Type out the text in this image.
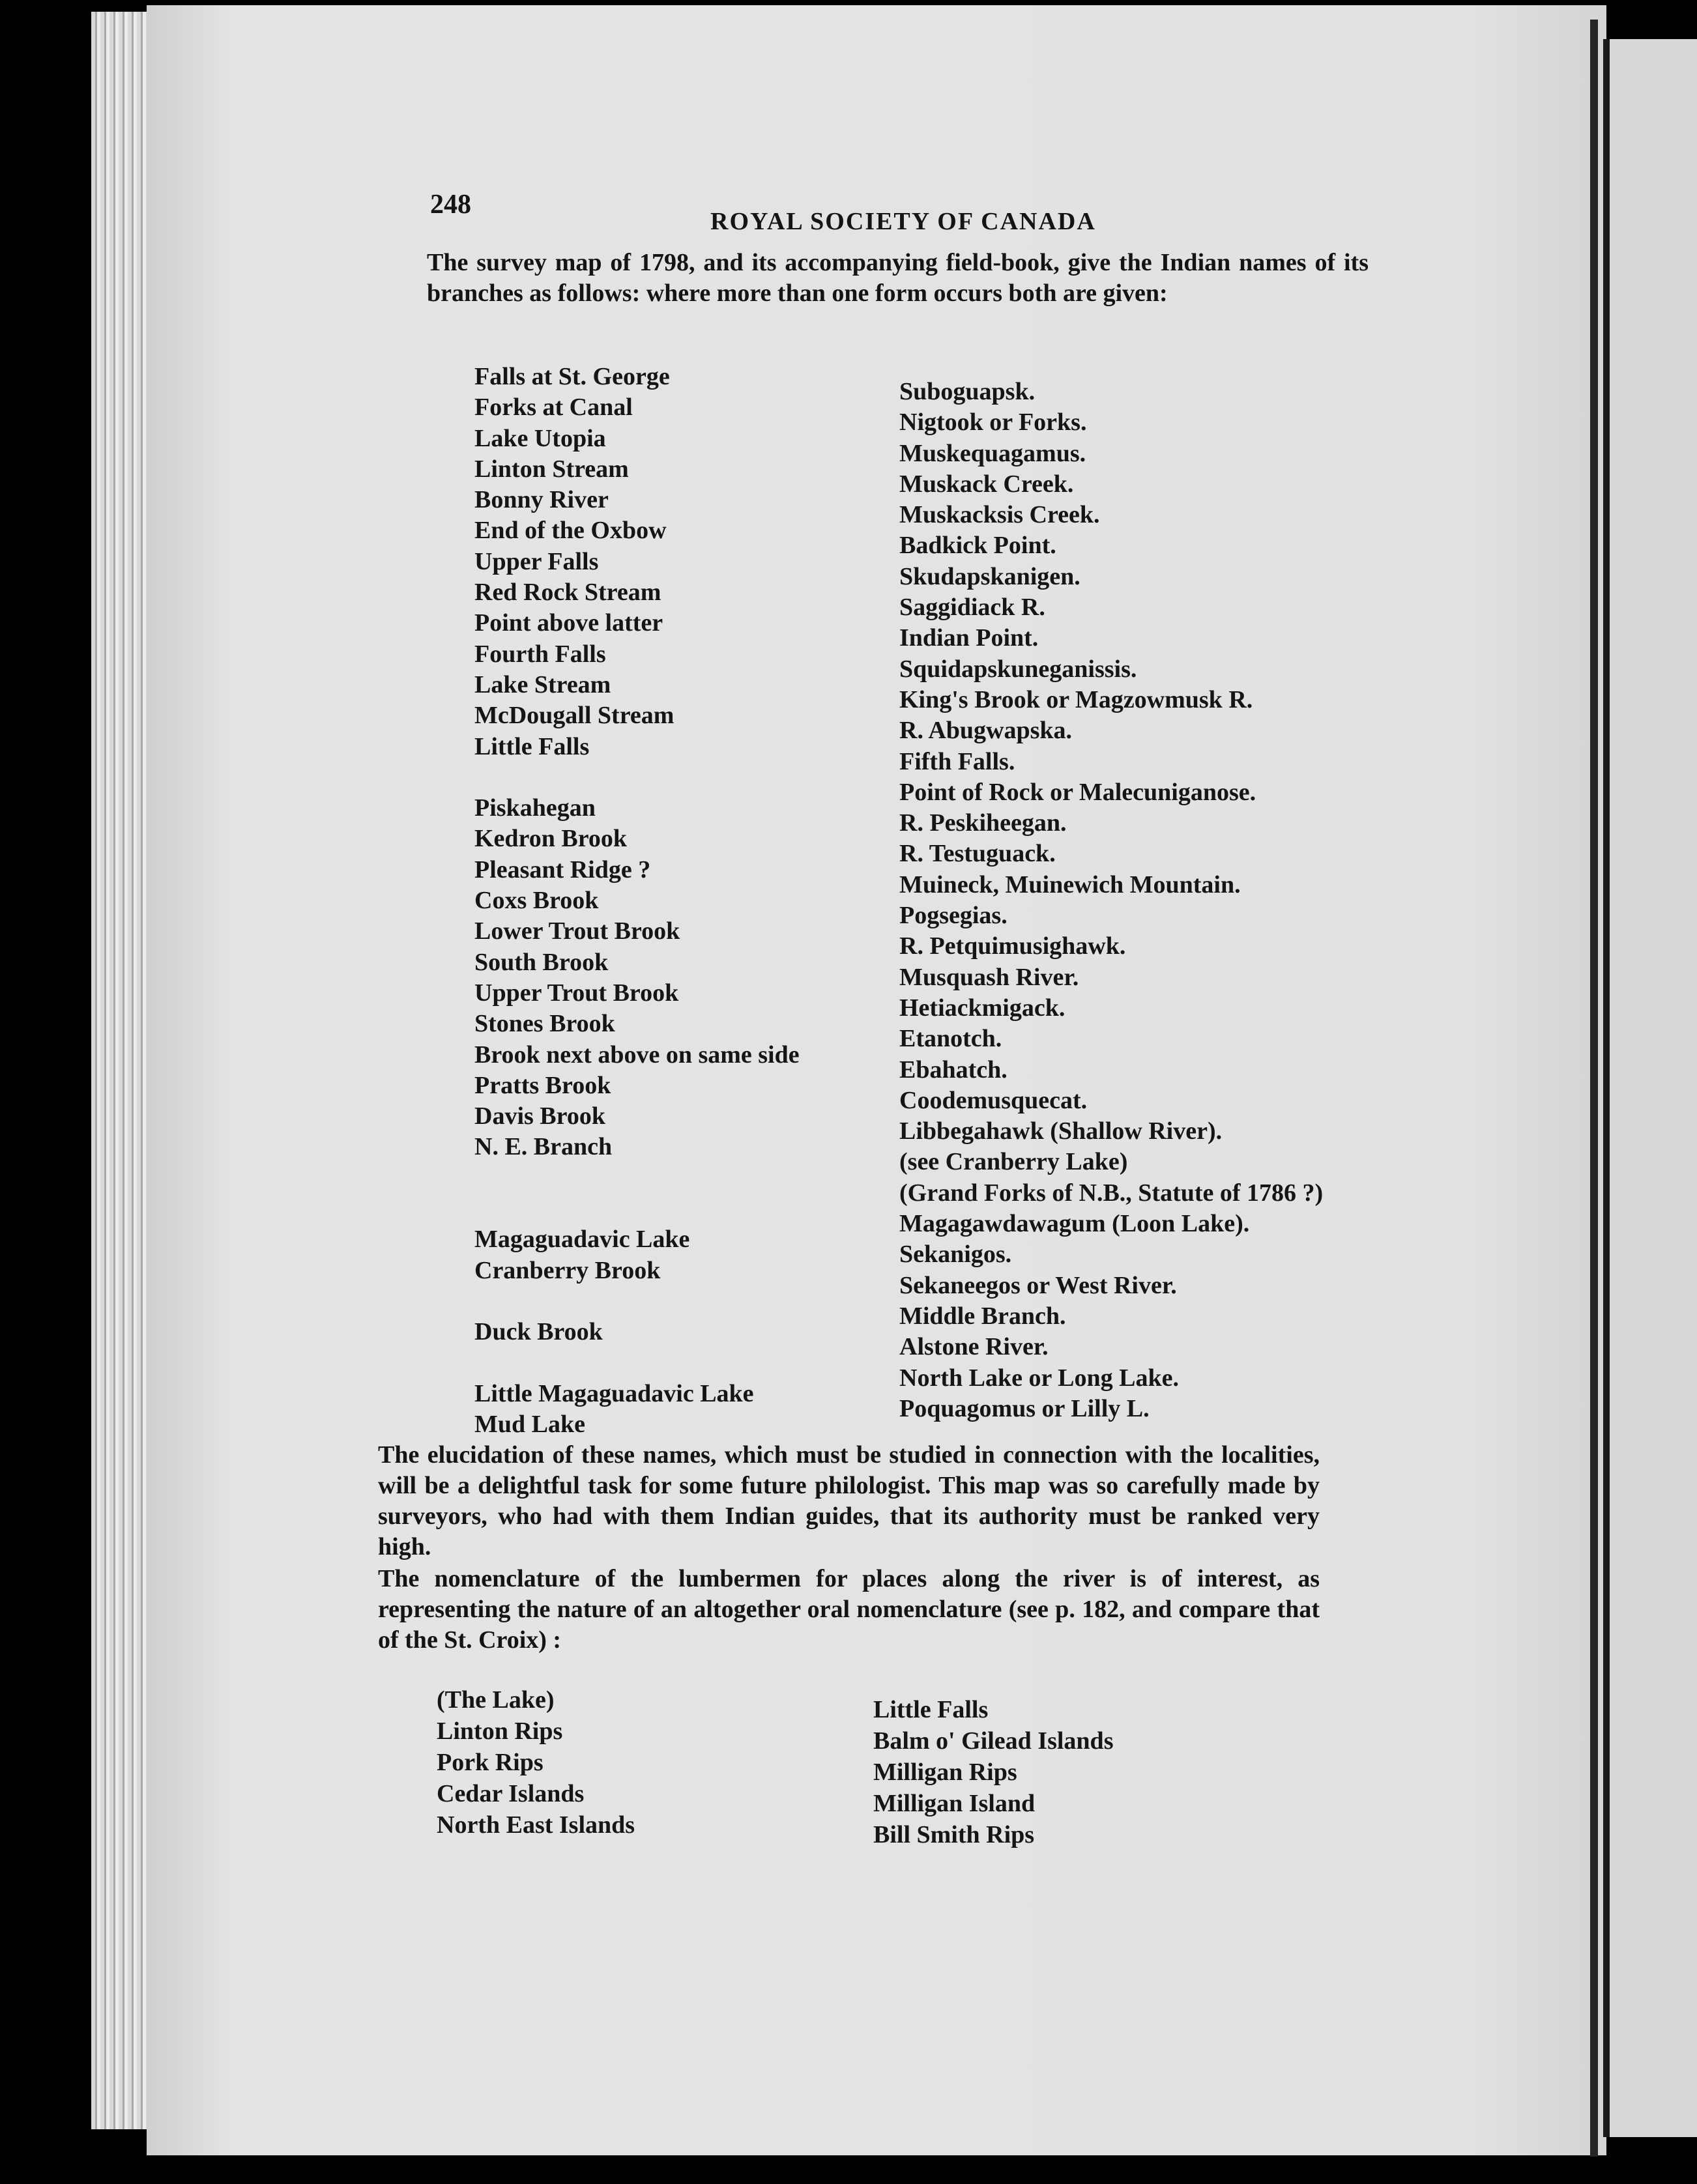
248
ROYAL SOCIETY OF CANADA
The survey map of 1798, and its accompanying field-book, give the Indian names of its branches as follows: where more than one form occurs both are given:
Falls at St. George
Forks at Canal
Lake Utopia
Linton Stream
Bonny River
End of the Oxbow
Upper Falls
Red Rock Stream
Point above latter
Fourth Falls
Lake Stream
McDougall Stream
Little Falls
Piskahegan
Kedron Brook
Pleasant Ridge ?
Coxs Brook
Lower Trout Brook
South Brook
Upper Trout Brook
Stones Brook
Brook next above on same side
Pratts Brook
Davis Brook
N. E. Branch
Magaguadavic Lake
Cranberry Brook
Duck Brook
Little Magaguadavic Lake
Mud Lake
Suboguapsk.
Nigtook or Forks.
Muskequagamus.
Muskack Creek.
Muskacksis Creek.
Badkick Point.
Skudapskanigen.
Saggidiack R.
Indian Point.
Squidapskuneganissis.
King's Brook or Magzowmusk R.
R. Abugwapska.
Fifth Falls.
Point of Rock or Malecuniganose.
R. Peskiheegan.
R. Testuguack.
Muineck, Muinewich Mountain.
Pogsegias.
R. Petquimusighawk.
Musquash River.
Hetiackmigack.
Etanotch.
Ebahatch.
Coodemusquecat.
Libbegahawk (Shallow River).
(see Cranberry Lake)
(Grand Forks of N.B., Statute of 1786 ?)
Magagawdawagum (Loon Lake).
Sekanigos.
Sekaneegos or West River.
Middle Branch.
Alstone River.
North Lake or Long Lake.
Poquagomus or Lilly L.
The elucidation of these names, which must be studied in connection with the localities, will be a delightful task for some future philologist. This map was so carefully made by surveyors, who had with them Indian guides, that its authority must be ranked very high.
The nomenclature of the lumbermen for places along the river is of interest, as representing the nature of an altogether oral nomenclature (see p. 182, and compare that of the St. Croix) :
(The Lake)
Linton Rips
Pork Rips
Cedar Islands
North East Islands
Little Falls
Balm o' Gilead Islands
Milligan Rips
Milligan Island
Bill Smith Rips
